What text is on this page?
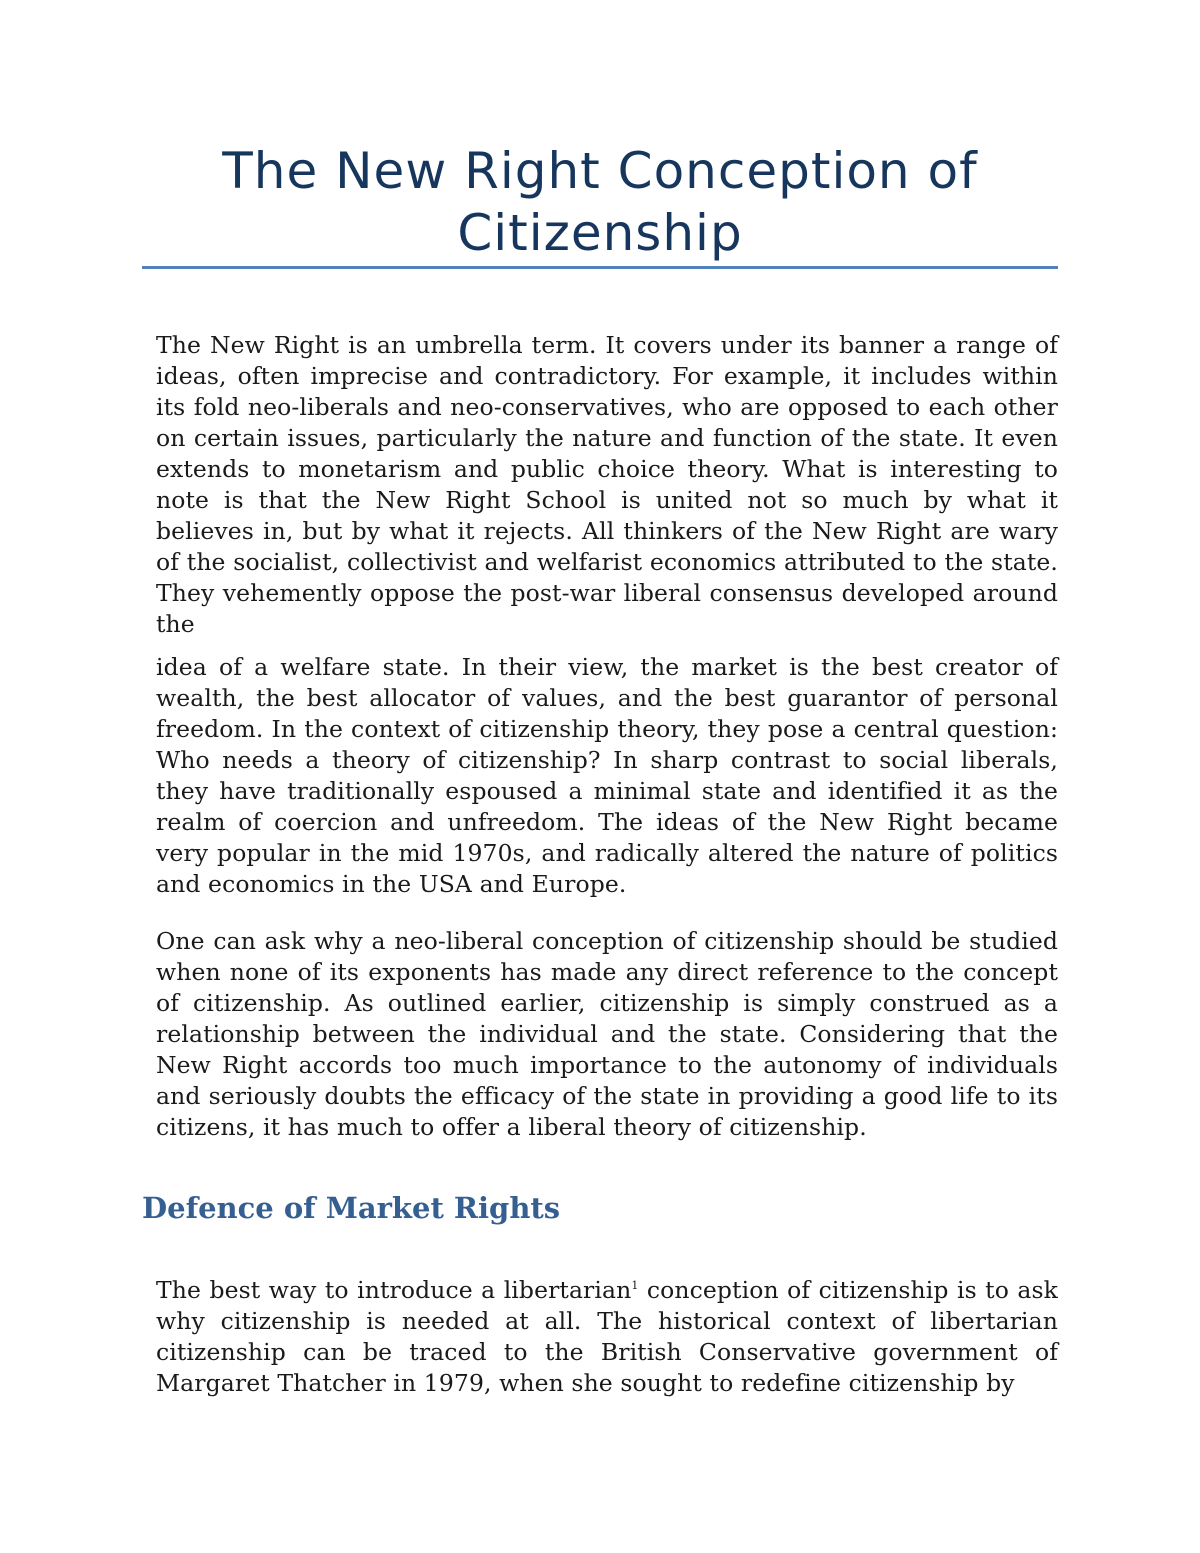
The New Right Conception of
Citizenship

The New Right is an umbrella term. It covers under its banner a range of ideas, often imprecise and contradictory. For example, it includes within its fold neo-liberals and neo-conservatives, who are opposed to each other on certain issues, particularly the nature and function of the state. It even extends to monetarism and public choice theory. What is interesting to note is that the New Right School is united not so much by what it believes in, but by what it rejects. All thinkers of the New Right are wary of the socialist, collectivist and welfarist economics attributed to the state. They vehemently oppose the post-war liberal consensus developed around the

idea of a welfare state. In their view, the market is the best creator of wealth, the best allocator of values, and the best guarantor of personal freedom. In the context of citizenship theory, they pose a central question: Who needs a theory of citizenship? In sharp contrast to social liberals, they have traditionally espoused a minimal state and identified it as the realm of coercion and unfreedom. The ideas of the New Right became very popular in the mid 1970s, and radically altered the nature of politics and economics in the USA and Europe.

One can ask why a neo-liberal conception of citizenship should be studied when none of its exponents has made any direct reference to the concept of citizenship. As outlined earlier, citizenship is simply construed as a relationship between the individual and the state. Considering that the New Right accords too much importance to the autonomy of individuals and seriously doubts the efficacy of the state in providing a good life to its citizens, it has much to offer a liberal theory of citizenship.

Defence of Market Rights

The best way to introduce a libertarian$^1$ conception of citizenship is to ask why citizenship is needed at all. The historical context of libertarian citizenship can be traced to the British Conservative government of Margaret Thatcher in 1979, when she sought to redefine citizenship by
